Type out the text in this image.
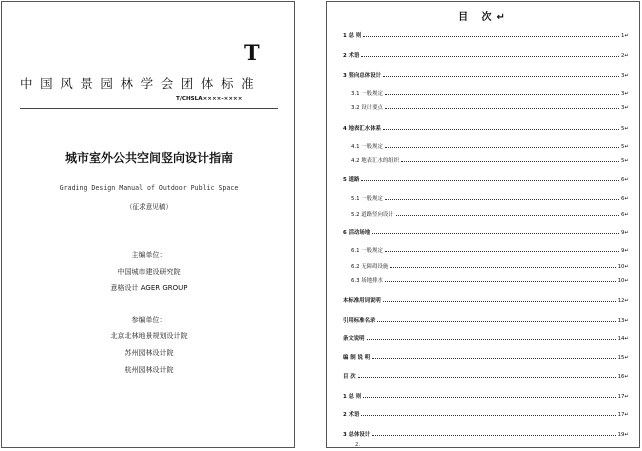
T
中国风景园林学会团体标准
T/CHSLA××××-××××
城市室外公共空间竖向设计指南
Grading Design Manual of Outdoor Public Space
（征求意见稿）
主编单位：
中国城市建设研究院
意格设计 AGER GROUP
参编单位：
北京北林地景规划设计院
苏州园林设计院
杭州园林设计院
目 次↵
1 总 则	1↵
2 术语	2↵
3 竖向总体设计	3↵
3.1 一般规定	3↵
3.2 设计要点	3↵
4 地表汇水体系	5↵
4.1 一般规定	5↵
4.2 地表汇水的组织	5↵
5 道路	6↵
5.1 一般规定	6↵
5.2 道路竖向设计	6↵
6 活动场地	9↵
6.1 一般规定	9↵
6.2 无障碍设施	10↵
6.3 场地排水	10↵
本标准用词说明	12↵
引用标准名录	13↵
条文说明	14↵
编 制 说 明	15↵
目 次	16↵
1 总 则	17↵
2 术语	17↵
3 总体设计	19↵
2.
